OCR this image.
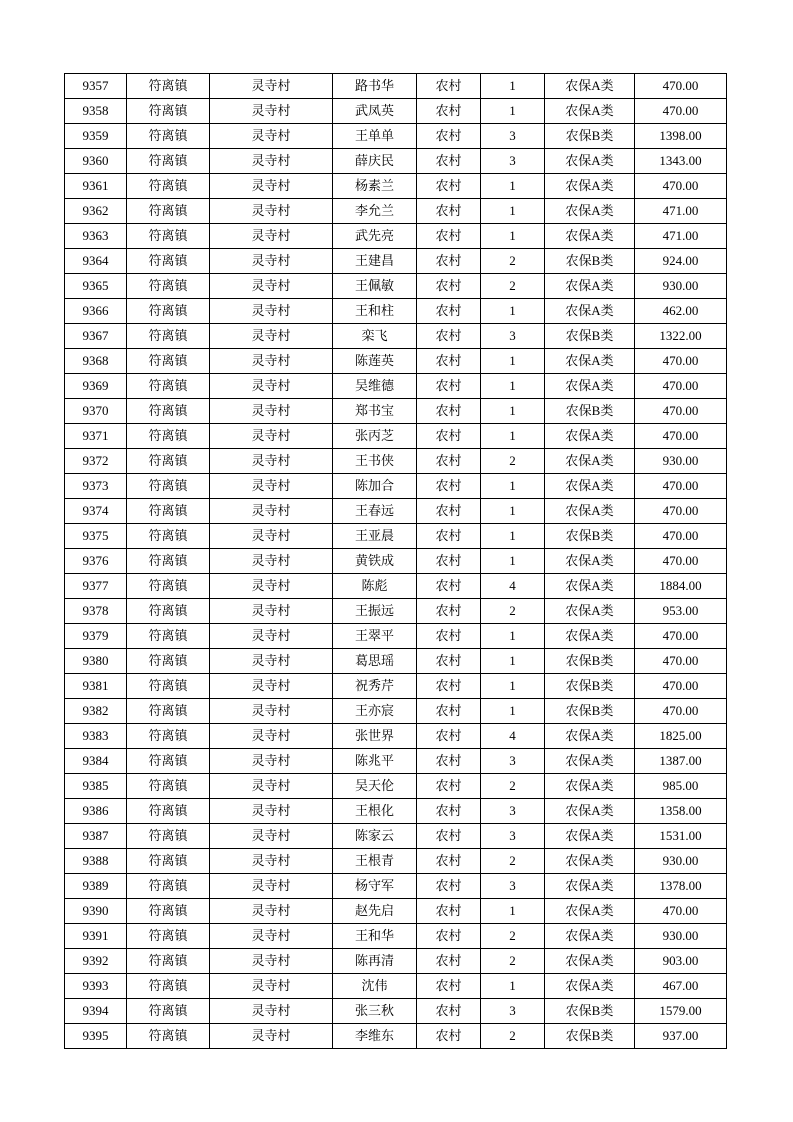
9357	符离镇	灵寺村	路书华	农村	1	农保A类	470.00
9358	符离镇	灵寺村	武凤英	农村	1	农保A类	470.00
9359	符离镇	灵寺村	王单单	农村	3	农保B类	1398.00
9360	符离镇	灵寺村	薛庆民	农村	3	农保A类	1343.00
9361	符离镇	灵寺村	杨素兰	农村	1	农保A类	470.00
9362	符离镇	灵寺村	李允兰	农村	1	农保A类	471.00
9363	符离镇	灵寺村	武先亮	农村	1	农保A类	471.00
9364	符离镇	灵寺村	王建昌	农村	2	农保B类	924.00
9365	符离镇	灵寺村	王佩敏	农村	2	农保A类	930.00
9366	符离镇	灵寺村	王和柱	农村	1	农保A类	462.00
9367	符离镇	灵寺村	栾飞	农村	3	农保B类	1322.00
9368	符离镇	灵寺村	陈莲英	农村	1	农保A类	470.00
9369	符离镇	灵寺村	吴维德	农村	1	农保A类	470.00
9370	符离镇	灵寺村	郑书宝	农村	1	农保B类	470.00
9371	符离镇	灵寺村	张丙芝	农村	1	农保A类	470.00
9372	符离镇	灵寺村	王书侠	农村	2	农保A类	930.00
9373	符离镇	灵寺村	陈加合	农村	1	农保A类	470.00
9374	符离镇	灵寺村	王春远	农村	1	农保A类	470.00
9375	符离镇	灵寺村	王亚晨	农村	1	农保B类	470.00
9376	符离镇	灵寺村	黄铁成	农村	1	农保A类	470.00
9377	符离镇	灵寺村	陈彪	农村	4	农保A类	1884.00
9378	符离镇	灵寺村	王振远	农村	2	农保A类	953.00
9379	符离镇	灵寺村	王翠平	农村	1	农保A类	470.00
9380	符离镇	灵寺村	葛思瑶	农村	1	农保B类	470.00
9381	符离镇	灵寺村	祝秀芹	农村	1	农保B类	470.00
9382	符离镇	灵寺村	王亦宸	农村	1	农保B类	470.00
9383	符离镇	灵寺村	张世界	农村	4	农保A类	1825.00
9384	符离镇	灵寺村	陈兆平	农村	3	农保A类	1387.00
9385	符离镇	灵寺村	吴天伦	农村	2	农保A类	985.00
9386	符离镇	灵寺村	王根化	农村	3	农保A类	1358.00
9387	符离镇	灵寺村	陈家云	农村	3	农保A类	1531.00
9388	符离镇	灵寺村	王根青	农村	2	农保A类	930.00
9389	符离镇	灵寺村	杨守军	农村	3	农保A类	1378.00
9390	符离镇	灵寺村	赵先启	农村	1	农保A类	470.00
9391	符离镇	灵寺村	王和华	农村	2	农保A类	930.00
9392	符离镇	灵寺村	陈再清	农村	2	农保A类	903.00
9393	符离镇	灵寺村	沈伟	农村	1	农保A类	467.00
9394	符离镇	灵寺村	张三秋	农村	3	农保B类	1579.00
9395	符离镇	灵寺村	李维东	农村	2	农保B类	937.00
